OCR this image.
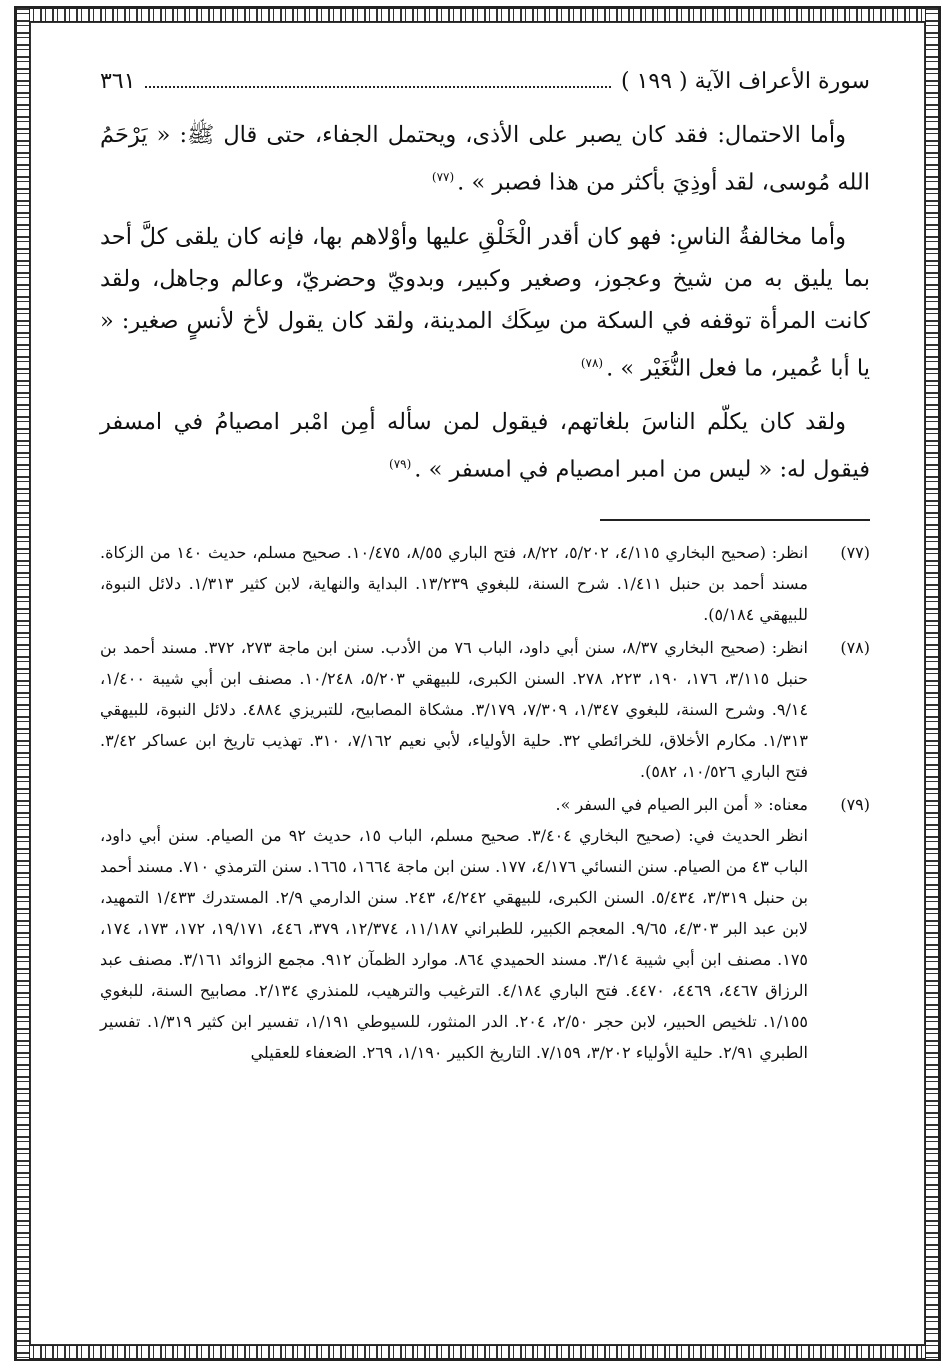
سورة الأعراف الآية ( ١٩٩ )
٣٦١

وأما الاحتمال: فقد كان يصبر على الأذى، ويحتمل الجفاء، حتى قال ﷺ: « يَرْحَمُ الله مُوسى، لقد أوذِيَ بأكثر من هذا فصبر » .$^{(٧٧)}$

وأما مخالفةُ الناسِ: فهو كان أقدر الْخَلْقِ عليها وأوْلاهم بها، فإنه كان يلقى كلَّ أحد بما يليق به من شيخ وعجوز، وصغير وكبير، وبدويّ وحضريّ، وعالم وجاهل، ولقد كانت المرأة توقفه في السكة من سِكَك المدينة، ولقد كان يقول لأخ لأنسٍ صغير: « يا أبا عُمير، ما فعل النُّغَيْر » .$^{(٧٨)}$

ولقد كان يكلّم الناسَ بلغاتهم، فيقول لمن سأله أمِن امْبر امصيامُ في امسفر فيقول له: « ليس من امبر امصيام في امسفر » .$^{(٧٩)}$

(٧٧)
انظر: (صحيح البخاري ٤/١١٥، ٥/٢٠٢، ٨/٢٢، فتح الباري ٨/٥٥، ١٠/٤٧٥. صحيح مسلم، حديث ١٤٠ من الزكاة. مسند أحمد بن حنبل ١/٤١١. شرح السنة، للبغوي ١٣/٢٣٩. البداية والنهاية، لابن كثير ١/٣١٣. دلائل النبوة، للبيهقي ٥/١٨٤).
(٧٨)
انظر: (صحيح البخاري ٨/٣٧، سنن أبي داود، الباب ٧٦ من الأدب. سنن ابن ماجة ٢٧٣، ٣٧٢. مسند أحمد بن حنبل ٣/١١٥، ١٧٦، ١٩٠، ٢٢٣، ٢٧٨. السنن الكبرى، للبيهقي ٥/٢٠٣، ١٠/٢٤٨. مصنف ابن أبي شيبة ١/٤٠٠، ٩/١٤. وشرح السنة، للبغوي ١/٣٤٧، ٧/٣٠٩، ٣/١٧٩. مشكاة المصابيح، للتبريزي ٤٨٨٤. دلائل النبوة، للبيهقي ١/٣١٣. مكارم الأخلاق، للخرائطي ٣٢. حلية الأولياء، لأبي نعيم ٧/١٦٢، ٣١٠. تهذيب تاريخ ابن عساكر ٣/٤٢. فتح الباري ١٠/٥٢٦، ٥٨٢).
(٧٩)

معناه: « أمن البر الصيام في السفر ».

انظر الحديث في: (صحيح البخاري ٣/٤٠٤. صحيح مسلم، الباب ١٥، حديث ٩٢ من الصيام. سنن أبي داود، الباب ٤٣ من الصيام. سنن النسائي ٤/١٧٦، ١٧٧. سنن ابن ماجة ١٦٦٤، ١٦٦٥. سنن الترمذي ٧١٠. مسند أحمد بن حنبل ٣/٣١٩، ٥/٤٣٤. السنن الكبرى، للبيهقي ٤/٢٤٢، ٢٤٣. سنن الدارمي ٢/٩. المستدرك ١/٤٣٣ التمهيد، لابن عبد البر ٤/٣٠٣، ٩/٦٥. المعجم الكبير، للطبراني ١١/١٨٧، ١٢/٣٧٤، ٣٧٩، ٤٤٦، ١٩/١٧١، ١٧٢، ١٧٣، ١٧٤، ١٧٥. مصنف ابن أبي شيبة ٣/١٤. مسند الحميدي ٨٦٤. موارد الظمآن ٩١٢. مجمع الزوائد ٣/١٦١. مصنف عبد الرزاق ٤٤٦٧، ٤٤٦٩، ٤٤٧٠. فتح الباري ٤/١٨٤. الترغيب والترهيب، للمنذري ٢/١٣٤. مصابيح السنة، للبغوي ١/١٥٥. تلخيص الحبير، لابن حجر ٢/٥٠، ٢٠٤. الدر المنثور، للسيوطي ١/١٩١، تفسير ابن كثير ١/٣١٩. تفسير الطبري ٢/٩١. حلية الأولياء ٣/٢٠٢، ٧/١٥٩. التاريخ الكبير ١/١٩٠، ٢٦٩. الضعفاء للعقيلي
